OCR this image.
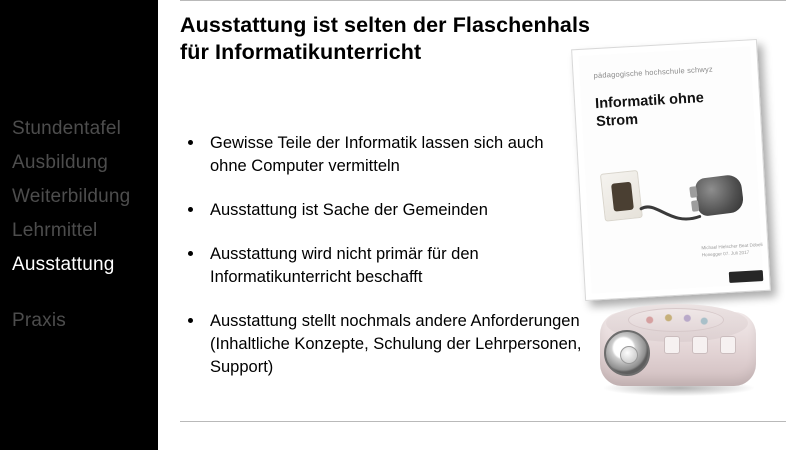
Stundentafel
Ausbildung
Weiterbildung
Lehrmittel
Ausstattung
Praxis
Ausstattung ist selten der Flaschenhals
für Informatikunterricht
Gewisse Teile der Informatik lassen sich auch ohne Computer vermitteln
Ausstattung ist Sache der Gemeinden
Ausstattung wird nicht primär für den Informatikunterricht beschafft
Ausstattung stellt nochmals andere Anforderungen (Inhaltliche Konzepte, Schulung der Lehrpersonen, Support)
pädagogische hochschule schwyz
Informatik ohne Strom
Michael Hielscher Beat Döbeli Honegger 07. Juli 2017
